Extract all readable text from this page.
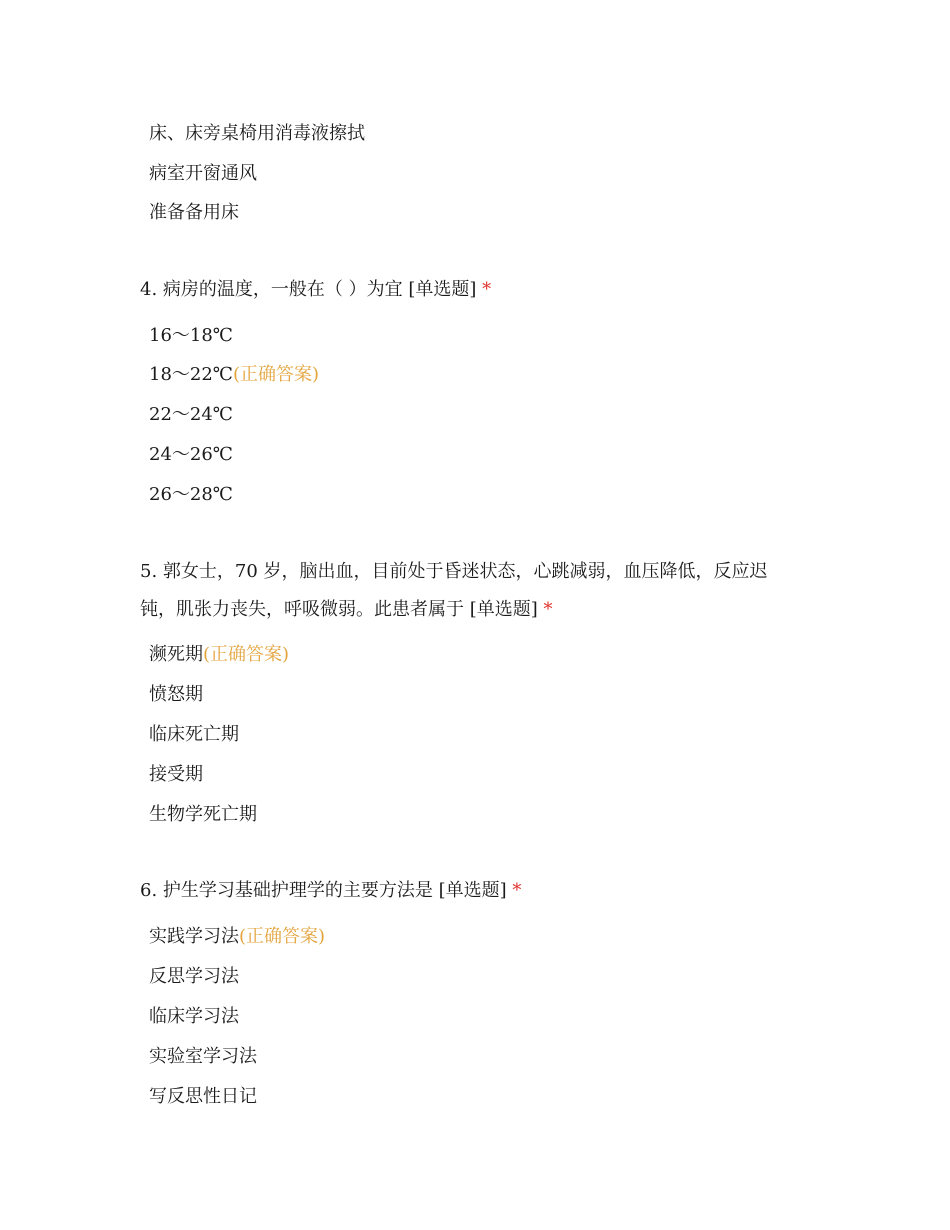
床、床旁桌椅用消毒液擦拭
病室开窗通风
准备备用床
4. 病房的温度，一般在（ ）为宜 [单选题] *
16～18℃
18～22℃(正确答案)
22～24℃
24～26℃
26～28℃
5. 郭女士，70 岁，脑出血，目前处于昏迷状态，心跳减弱，血压降低，反应迟
钝，肌张力丧失，呼吸微弱。此患者属于 [单选题] *
濒死期(正确答案)
愤怒期
临床死亡期
接受期
生物学死亡期
6. 护生学习基础护理学的主要方法是 [单选题] *
实践学习法(正确答案)
反思学习法
临床学习法
实验室学习法
写反思性日记
